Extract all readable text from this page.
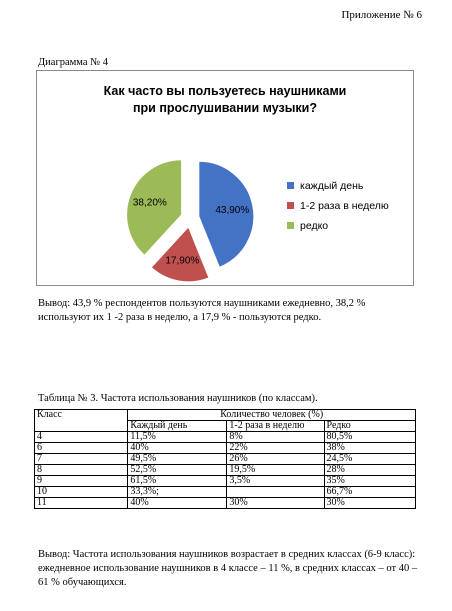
Приложение № 6
Диаграмма № 4
Как часто вы пользуетесь наушниками
при прослушивании музыки?
43,90%
17,90%
38,20%
каждый день
1-2 раза в неделю
редко
Вывод: 43,9 % респондентов пользуются наушниками ежедневно, 38,2 % используют их 1 -2 раза в неделю, а 17,9 % - пользуются редко.
Таблица № 3. Частота использования наушников (по классам).
Класс	Количество человек (%)		
	Каждый день	1-2 раза в неделю	Редко
4	11,5%	8%	80,5%
6	40%	22%	38%
7	49,5%	26%	24,5%
8	52,5%	19,5%	28%
9	61,5%	3,5%	35%
10	33,3%;		66,7%
11	40%	30%	30%
Вывод: Частота использования наушников возрастает в средних классах (6-9 класс): ежедневное использование наушников в 4 классе – 11 %, в средних классах – от 40 – 61 % обучающихся.
